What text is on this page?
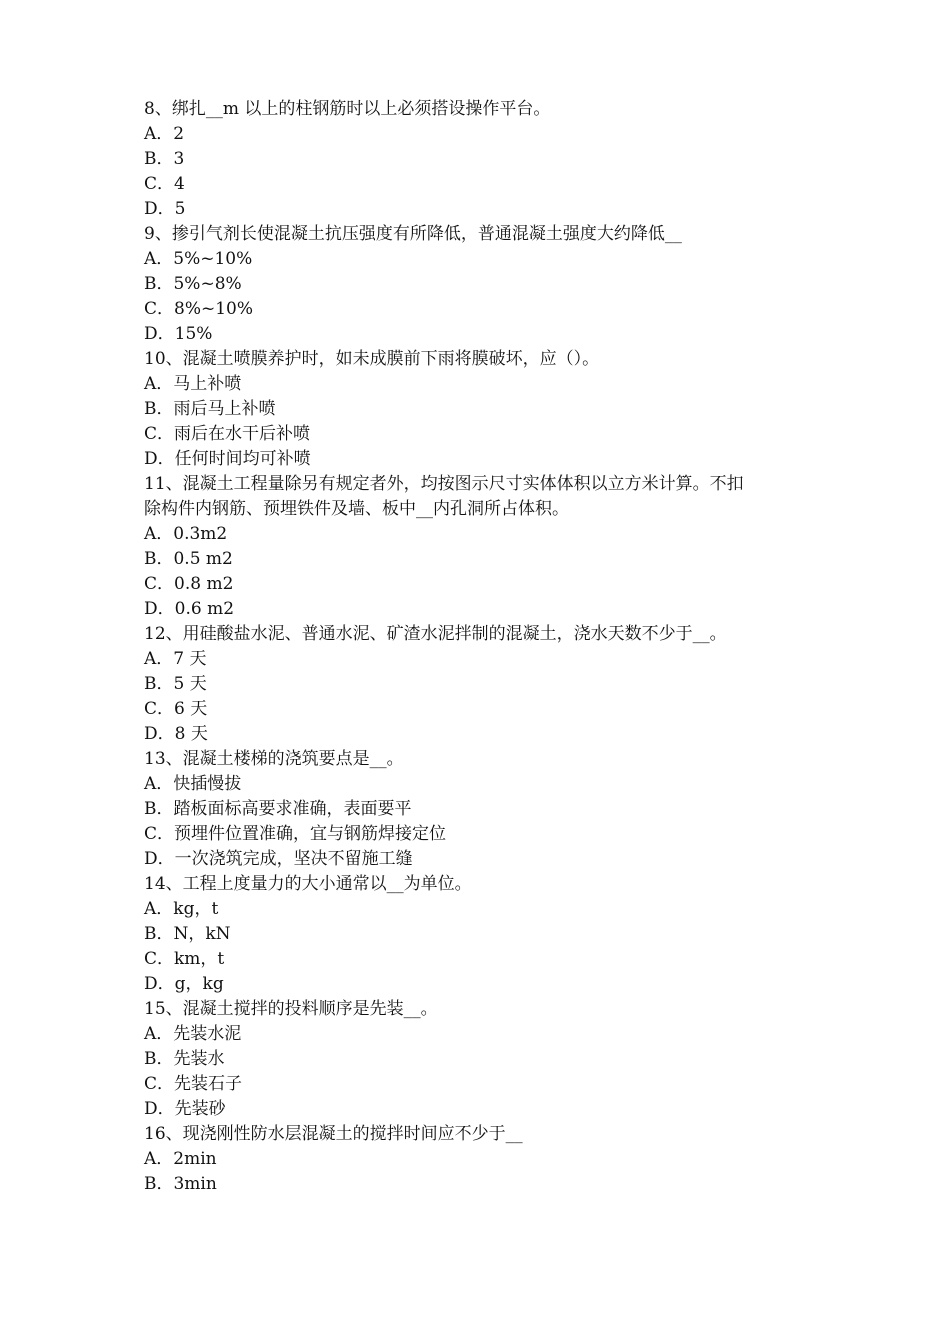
8、绑扎__m 以上的柱钢筋时以上必须搭设操作平台。
A．2
B．3
C．4
D．5
9、掺引气剂长使混凝土抗压强度有所降低，普通混凝土强度大约降低__
A．5%~10%
B．5%~8%
C．8%~10%
D．15%
10、混凝土喷膜养护时，如未成膜前下雨将膜破坏，应（）。
A．马上补喷
B．雨后马上补喷
C．雨后在水干后补喷
D．任何时间均可补喷
11、混凝土工程量除另有规定者外，均按图示尺寸实体体积以立方米计算。不扣
除构件内钢筋、预埋铁件及墙、板中__内孔洞所占体积。
A．0.3m2
B．0.5 m2
C．0.8 m2
D．0.6 m2
12、用硅酸盐水泥、普通水泥、矿渣水泥拌制的混凝土，浇水天数不少于__。
A．7 天
B．5 天
C．6 天
D．8 天
13、混凝土楼梯的浇筑要点是__。
A．快插慢拔
B．踏板面标高要求准确，表面要平
C．预埋件位置准确，宜与钢筋焊接定位
D．一次浇筑完成，坚决不留施工缝
14、工程上度量力的大小通常以__为单位。
A．kg，t
B．N，kN
C．km，t
D．g，kg
15、混凝土搅拌的投料顺序是先装__。
A．先装水泥
B．先装水
C．先装石子
D．先装砂
16、现浇刚性防水层混凝土的搅拌时间应不少于__
A．2min
B．3min
